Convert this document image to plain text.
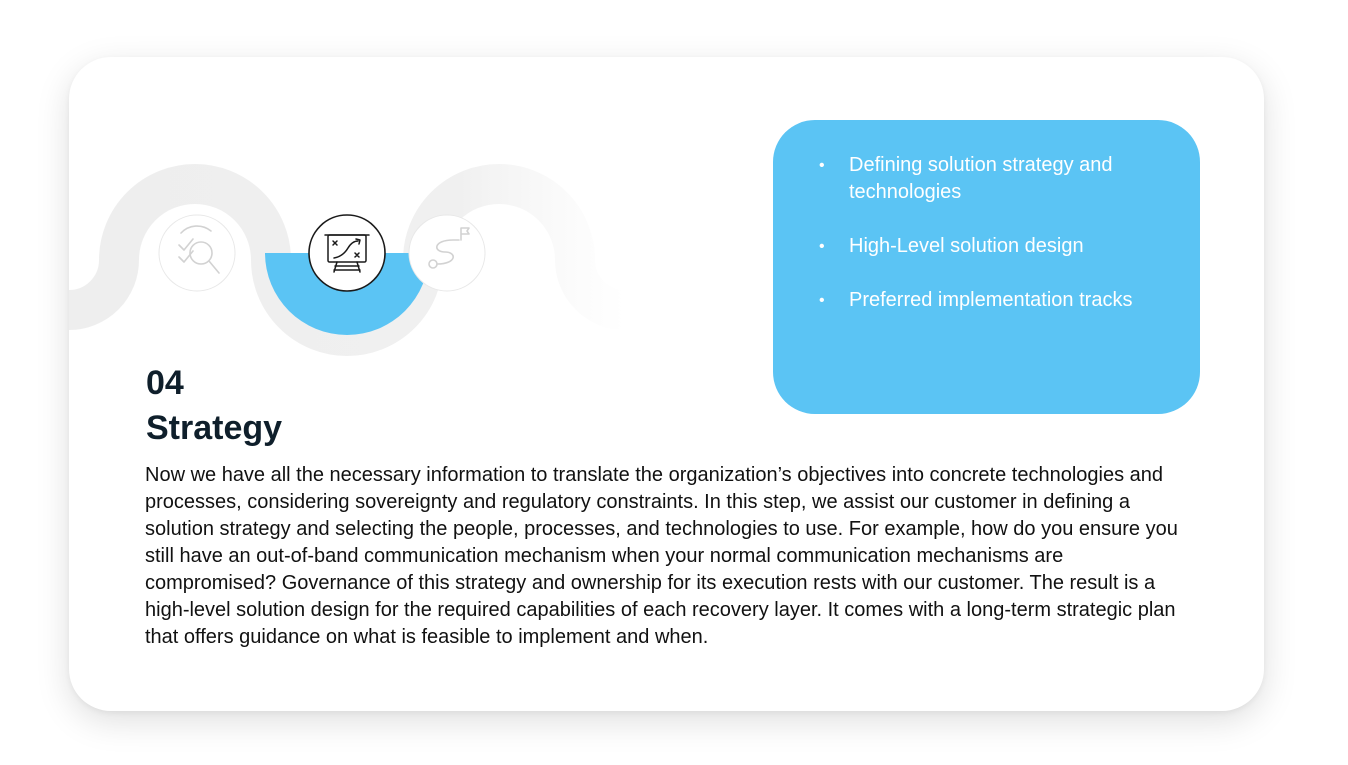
04
Strategy

Now we have all the necessary information to translate the organization’s objectives into concrete technologies and processes, considering sovereignty and regulatory constraints. In this step, we assist our customer in defining a solution strategy and selecting the people, processes, and technologies to use. For example, how do you ensure you still have an out-of-band communication mechanism when your normal communication mechanisms are compromised? Governance of this strategy and ownership for its execution rests with our customer. The result is a high-level solution design for the required capabilities of each recovery layer. It comes with a long-term strategic plan that offers guidance on what is feasible to implement and when.

• Defining solution strategy and technologies
• High-Level solution design
• Preferred implementation tracks
